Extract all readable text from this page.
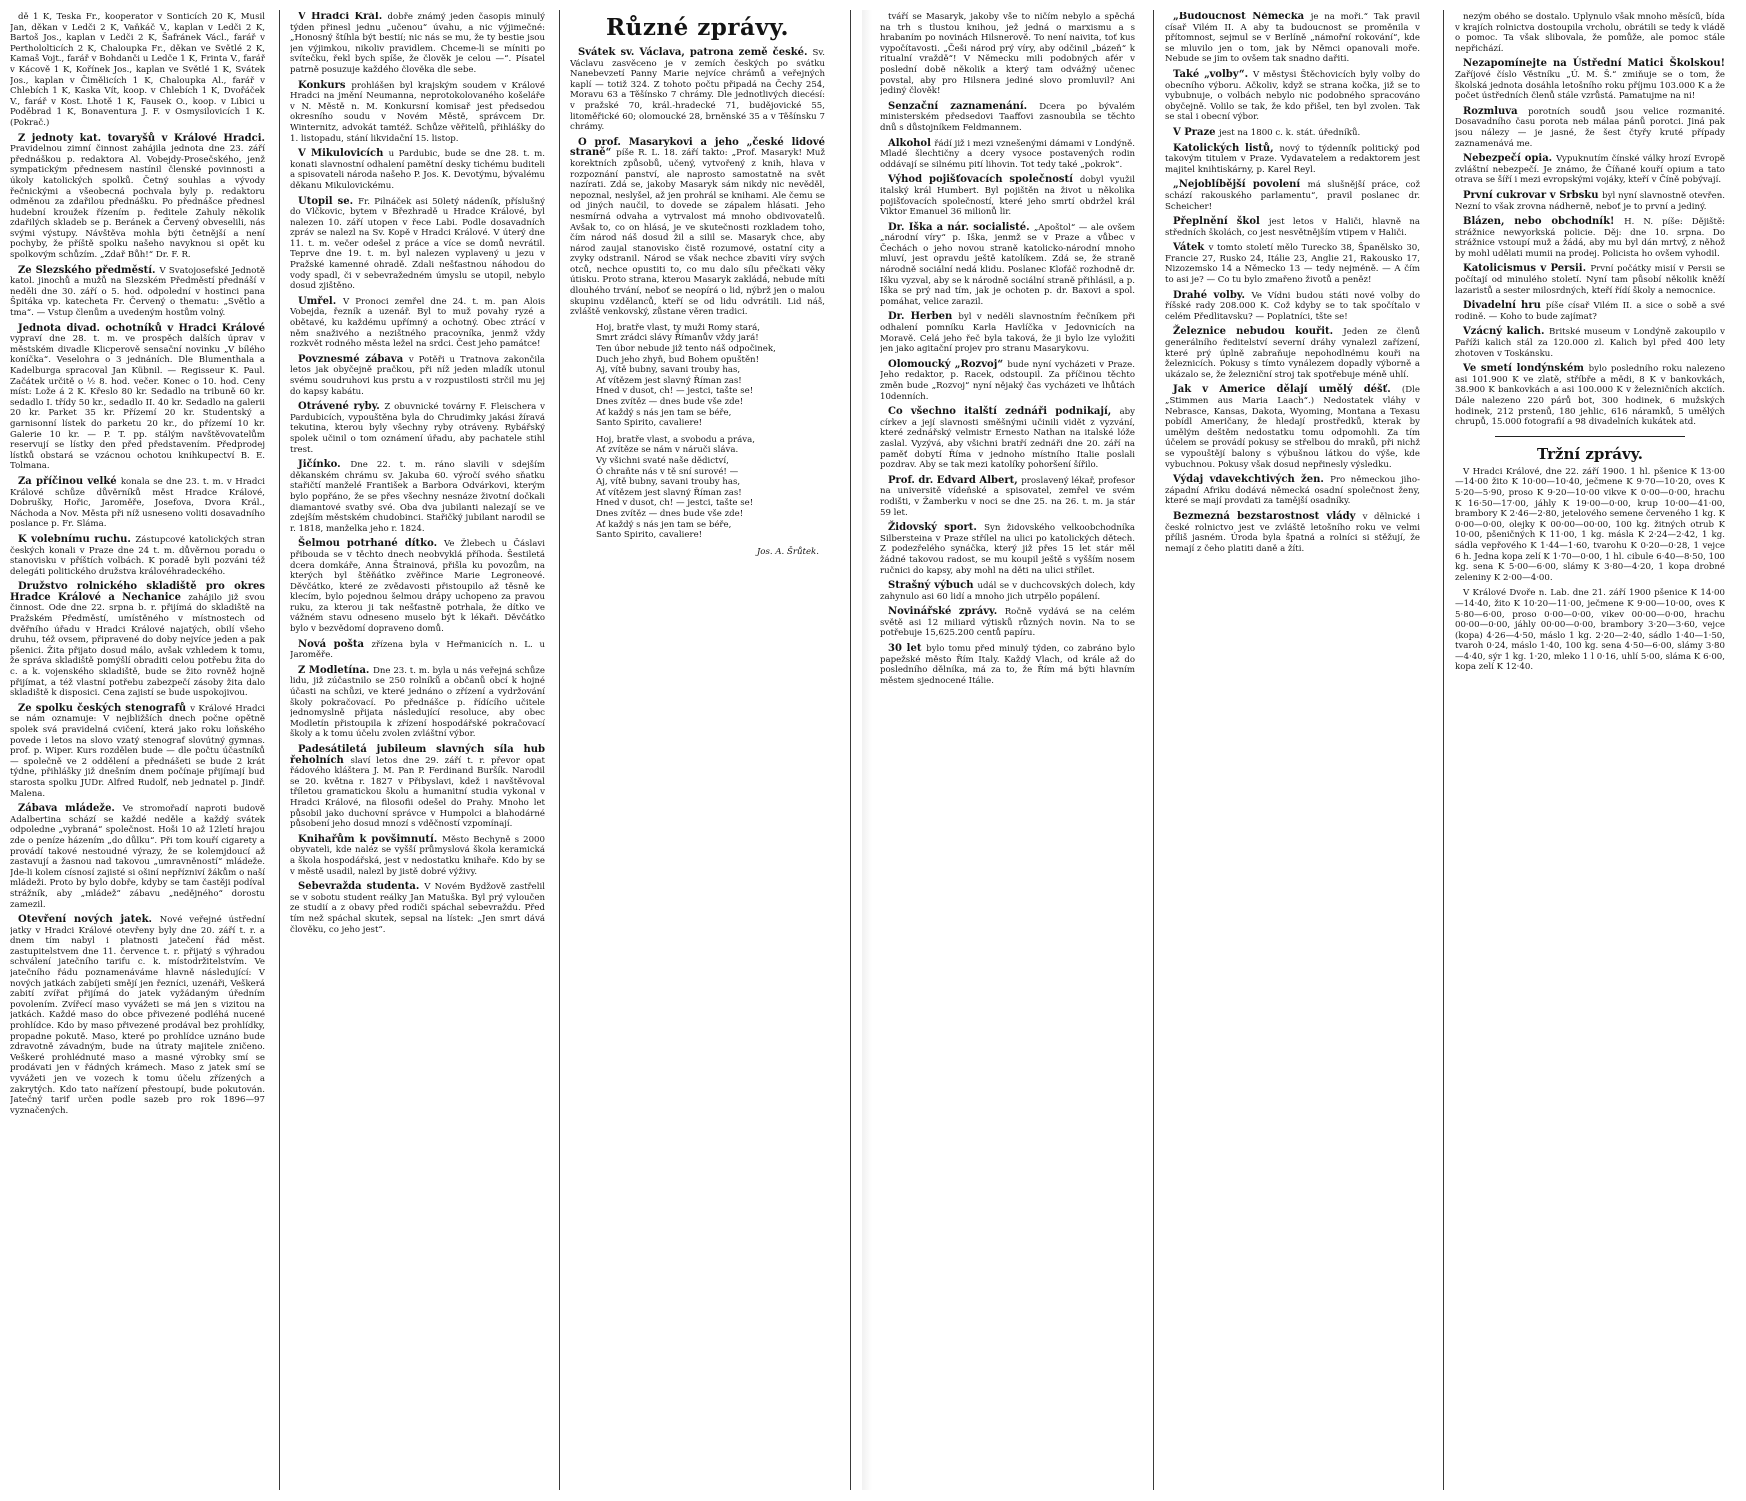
dě 1 K, Teska Fr., kooperator v Sonticích 20 K, Musil Jan, děkan v Ledči 2 K, Vaňkáč V., kaplan v Ledči 2 K, Bartoš Jos., kaplan v Ledči 2 K, Šafránek Václ., farář v Perthololticích 2 K, Chaloupka Fr., děkan ve Světlé 2 K, Kamaš Vojt., farář v Bohdanči u Ledče 1 K, Frinta V., farář v Kácově 1 K, Kořínek Jos., kaplan ve Světlé 1 K, Svátek Jos., kaplan v Čimělicích 1 K, Chaloupka Al., farář v Chlebích 1 K, Kaska Vít, koop. v Chlebích 1 K, Dvořáček V., farář v Kost. Lhotě 1 K, Fausek O., koop. v Libici u Poděbrad 1 K, Bonaventura J. F. v Osmysilovicích 1 K. (Pokrač.)
Z jednoty kat. tovaryšů v Králové Hradci. Pravidelnou zimní činnost zahájila jednota dne 23. září přednáškou p. redaktora Al. Vobejdy-Prosečského, jenž sympatickým přednesem nastínil členské povinnosti a úkoly katolických spolků. Četný souhlas a vývody řečnickými a všeobecná pochvala byly p. redaktoru odměnou za zdařilou přednášku. Po přednášce přednesl hudební kroužek řízením p. ředitele Zahuly několik zdařilých skladeb se p. Beránek a Červený obveselili, nás svými výstupy. Návštěva mohla býti četnější a není pochyby, že příště spolku našeho navyknou si opět ku spolkovým schůzím. „Zdař Bůh!“ Dr. F. R.
Ze Slezského předměstí. V Svatojosefské Jednotě katol. jinochů a mužů na Slezském Předměstí přednáší v neděli dne 30. září o 5. hod. odpolední v hostinci pana Špitáka vp. katecheta Fr. Červený o thematu: „Světlo a tma“. — Vstup členům a uvedeným hostům volný.
Jednota divad. ochotníků v Hradci Králové vypraví dne 28. t. m. ve prospěch dalších úprav v městském divadle Klicperově sensační novinku „V bílého koníčka“. Veselohra o 3 jednáních. Dle Blumenthala a Kadelburga spracoval Jan Kübnil. — Regisseur K. Paul. Začátek určitě o ½ 8. hod. večer. Konec o 10. hod. Ceny míst: Lože á 2 K. Křeslo 80 kr. Sedadlo na tribuně 60 kr. sedadlo I. třídy 50 kr., sedadlo II. 40 kr. Sedadlo na galerii 20 kr. Parket 35 kr. Přízemí 20 kr. Studentský a garnisonní lístek do parketu 20 kr., do přízemí 10 kr. Galerie 10 kr. — P. T. pp. stálým navštěvovatelům reservují se lístky den před představením. Předprodej lístků obstará se vzácnou ochotou knihkupectví B. E. Tolmana.
Za příčinou velké konala se dne 23. t. m. v Hradci Králové schůze důvěrníků měst Hradce Králové, Dobrušky, Hořic, Jaroměře, Josefova, Dvora Král., Náchoda a Nov. Města při níž usneseno voliti dosavadního poslance p. Fr. Sláma.
K volebnímu ruchu. Zástupcové katolických stran českých konali v Praze dne 24 t. m. důvěrnou poradu o stanovisku v příštích volbách. K poradě byli pozváni též delegáti politického družstva královéhradeckého.
Družstvo rolnického skladiště pro okres Hradce Králové a Nechanice zahájilo již svou činnost. Ode dne 22. srpna b. r. přijímá do skladiště na Pražském Předměstí, umístěného v místnostech od dvěřního úřadu v Hradci Králové najatých, obilí všeho druhu, též ovsem, připravené do doby nejvíce jeden a pak pšenici. Žita přijato dosud málo, avšak vzhledem k tomu, že správa skladiště pomýšlí obraditi celou potřebu žita do c. a k. vojenského skladiště, bude se žito rovněž hojně přijímat, a též vlastní potřebu zabezpečí zásoby žita dalo skladiště k disposici. Cena zajistí se bude uspokojivou.
Ze spolku českých stenografů v Králové Hradci se nám oznamuje: V nejbližších dnech počne opětně spolek svá pravidelná cvičení, která jako roku loňského povede i letos na slovo vzatý stenograf slovútný gymnas. prof. p. Wiper. Kurs rozdělen bude — dle počtu účastníků — společně ve 2 oddělení a přednášeti se bude 2 krát týdne, přihlášky již dnešním dnem počínaje přijímají bud starosta spolku JUDr. Alfred Rudolf, neb jednatel p. Jindř. Malena.
Zábava mládeže. Ve stromořadí naproti budově Adalbertina schází se každé neděle a každý svátek odpoledne „vybraná“ společnost. Hoši 10 až 12letí hrajou zde o peníze házením „do důlku“. Při tom kouří cigarety a provádí takové nestoudné výrazy, že se kolemjdoucí až zastavují a žasnou nad takovou „umravněností“ mládeže. Jde-li kolem císnosí zajisté si ošiní nepřízniví žákům o naší mládeži. Proto by bylo dobře, kdyby se tam častěji podíval strážník, aby „mládež“ zábavu „nedějného“ dorostu zamezil.
Otevření nových jatek. Nové veřejné ústřední jatky v Hradci Králové otevřeny byly dne 20. září t. r. a dnem tím nabyl i platnosti jatečení řád měst. zastupitelstvem dne 11. července t. r. přijatý s výhradou schválení jatečního tarifu c. k. místodržitelstvím. Ve jatečního řádu poznamenáváme hlavně následující: V nových jatkách zabíjeti smějí jen řezníci, uzenáři, Veškerá zabití zvířat přijímá do jatek vyžádaným úředním povolením. Zvířecí maso vyvážeti se má jen s vizitou na jatkách. Každé maso do obce přivezené podléhá nucené prohlídce. Kdo by maso přivezené prodával bez prohlídky, propadne pokutě. Maso, které po prohlídce uznáno bude zdravotně závadným, bude na útraty majitele zničeno. Veškeré prohlédnuté maso a masné výrobky smí se prodávati jen v řádných krámech. Maso z jatek smí se vyvážeti jen ve vozech k tomu účelu zřízených a zakrytých. Kdo tato nařízení přestoupí, bude pokutován. Jatečný tarif určen podle sazeb pro rok 1896—97 vyznačených.
V Hradci Král. dobře známý jeden časopis minulý týden přinesl jednu „učenou“ úvahu, a nic výjimečné: „Honosný štíhla být bestií; nic nás se mu, že ty bestie jsou jen výjimkou, nikoliv pravidlem. Chceme-li se míniti po svítečku, řekl bych spíše, že člověk je celou —“. Písatel patrně posuzuje každého člověka dle sebe.
Konkurs prohlášen byl krajským soudem v Králové Hradci na jmění Neumanna, neprotokolovaného košeláře v N. Městě n. M. Konkursní komisař jest předsedou okresního soudu v Novém Městě, správcem Dr. Winternitz, advokát tamtéž. Schůze věřitelů, přihlášky do 1. listopadu, stání likvidační 15. listop.
V Mikulovicích u Pardubic, bude se dne 28. t. m. konati slavnostní odhalení pamětní desky tichému buditeli a spisovateli národa našeho P. Jos. K. Devotýmu, bývalému děkanu Mikulovickému.
Utopil se. Fr. Pilnáček asi 50letý nádeník, příslušný do Vlčkovic, bytem v Březhradě u Hradce Králové, byl nalezen 10. září utopen v řece Labi. Podle dosavadních zpráv se nalezl na Sv. Kopě v Hradci Králové. V úterý dne 11. t. m. večer odešel z práce a více se domů nevrátil. Teprve dne 19. t. m. byl nalezen vyplavený u jezu v Pražské kamenné ohradě. Zdali nešťastnou náhodou do vody spadl, či v sebevražedném úmyslu se utopil, nebylo dosud zjištěno.
Umřel. V Pronoci zemřel dne 24. t. m. pan Alois Vobejda, řezník a uzenář. Byl to muž povahy ryzé a obětavé, ku každému upřímný a ochotný. Obec ztrácí v něm snaživého a nezištného pracovníka, jenmž vždy rozkvět rodného města ležel na srdci. Čest jeho památce!
Povznesmé zábava v Potěři u Tratnova zakončila letos jak obyčejně pračkou, při níž jeden mladík utonul svému soudruhovi kus prstu a v rozpustilosti strčil mu jej do kapsy kabátu.
Otrávené ryby. Z obuvnické továrny F. Fleischera v Pardubicích, vypouštěna byla do Chrudimky jakási žíravá tekutina, kterou byly všechny ryby otráveny. Rybářský spolek učinil o tom oznámení úřadu, aby pachatele stihl trest.
Jičínko. Dne 22. t. m. ráno slavili v sdejším děkanském chrámu sv. Jakuba 60. výročí svého sňatku stařičtí manželé František a Barbora Odvárkovi, kterým bylo popřáno, že se přes všechny nesnáze životní dočkali diamantové svatby své. Oba dva jubilanti nalezají se ve zdejším městském chudobinci. Stařičký jubilant narodil se r. 1818, manželka jeho r. 1824.
Šelmou potrhané dítko. Ve Žlebech u Čáslavi přibouda se v těchto dnech neobvyklá příhoda. Šestiletá dcera domkáře, Anna Štrainová, přišla ku povozům, na kterých byl štěňátko zvěřince Marie Legroneové. Děvčátko, které ze zvědavosti přistoupilo až těsně ke klecím, bylo pojednou šelmou drápy uchopeno za pravou ruku, za kterou ji tak nešťastně potrhala, že dítko ve vážném stavu odneseno muselo být k lékaři. Děvčátko bylo v bezvědomí dopraveno domů.
Nová pošta zřízena byla v Heřmanicích n. L. u Jaroměře.
Z Modletína. Dne 23. t. m. byla u nás veřejná schůze lidu, již zúčastnilo se 250 rolníků a občanů obcí k hojné účasti na schůzi, ve které jednáno o zřízení a vydržování školy pokračovací. Po přednášce p. řídícího učitele jednomyslně přijata následující resoluce, aby obec Modletín přistoupila k zřízení hospodářské pokračovací školy a k tomu účelu zvolen zvláštní výbor.
Padesátiletá jubileum slavných síla hub řeholních slaví letos dne 29. září t. r. převor opat řádového kláštera J. M. Pan P. Ferdinand Buršík. Narodil se 20. května r. 1827 v Přibyslavi, kdež i navštěvoval tříletou gramatickou školu a humanitní studia vykonal v Hradci Králové, na filosofii odešel do Prahy. Mnoho let působil jako duchovní správce v Humpolci a blahodárné působení jeho dosud mnozí s vděčností vzpomínají.
Knihařům k povšimnutí. Město Bechyně s 2000 obyvateli, kde naléz se vyšší průmyslová škola keramická a škola hospodářská, jest v nedostatku knihaře. Kdo by se v městě usadil, nalezl by jistě dobré výživy.
Sebevražda studenta. V Novém Bydžově zastřelil se v sobotu student reálky Jan Matuška. Byl prý vyloučen ze studií a z obavy před rodiči spáchal sebevraždu. Před tím než spáchal skutek, sepsal na lístek: „Jen smrt dává člověku, co jeho jest“.
Různé zprávy.
Svátek sv. Václava, patrona země české. Sv. Václavu zasvěceno je v zemích českých po svátku Nanebevzetí Panny Marie nejvíce chrámů a veřejných kaplí — totiž 324. Z tohoto počtu připadá na Čechy 254, Moravu 63 a Těšínsko 7 chrámy. Dle jednotlivých diecésí: v pražské 70, král.-hradecké 71, budějovické 55, litoměřické 60; olomoucké 28, brněnské 35 a v Těšínsku 7 chrámy.
O prof. Masarykovi a jeho „české lidové straně“ píše R. L. 18. září takto: „Prof. Masaryk! Muž korektních způsobů, učený, vytvořený z knih, hlava v rozpoznání panství, ale naprosto samostatně na svět nazírati. Zdá se, jakoby Masaryk sám nikdy nic nevěděl, nepoznal, neslyšel, až jen prohrál se knihami. Ale čemu se od jiných naučil, to dovede se zápalem hlásati. Jeho nesmírná odvaha a vytrvalost má mnoho obdivovatelů. Avšak to, co on hlásá, je ve skutečnosti rozkladem toho, čím národ náš dosud žil a silil se. Masaryk chce, aby národ zaujal stanovisko čistě rozumové, ostatní city a zvyky odstranil. Národ se však nechce zbaviti víry svých otců, nechce opustiti to, co mu dalo sílu přečkati věky útisku. Proto strana, kterou Masaryk zakládá, nebude míti dlouhého trvání, neboť se neopírá o lid, nýbrž jen o malou skupinu vzdělanců, kteří se od lidu odvrátili. Lid náš, zvláště venkovský, zůstane věren tradici.
Hoj, bratře vlast, ty muži Romy stará,
Smrt zrádci slávy Římanův vždy jará!
Ten úbor nebude již tento náš odpočinek,
Duch jeho zhyň, bud Bohem opuštěn!
Aj, vítě bubny, savani trouby has,
Ať vítězem jest slavný Říman zas!
Hned v dusot, ch! — jestci, tašte se!
Dnes zvítěz — dnes bude vše zde!
Ať každý s nás jen tam se béře,
Santo Spirito, cavaliere!
Hoj, bratře vlast, a svobodu a práva,
Ať zvítěze se nám v náruči sláva.
Vy všichni svaté naše dědictví,
Ó chraňte nás v tě sní surové! —
Aj, vítě bubny, savani trouby has,
Ať vítězem jest slavný Říman zas!
Hned v dusot, ch! — jestci, tašte se!
Dnes zvítěz — dnes bude vše zde!
Ať každý s nás jen tam se béře,
Santo Spirito, cavaliere!
Jos. A. Šrůtek.
tváří se Masaryk, jakoby vše to ničím nebylo a spěchá na trh s tlustou knihou, jež jedná o marxismu a s hrabaním po novinách Hilsnerově. To není naivita, toť kus vypočítavosti. „Češi národ prý víry, aby odčinil „bázeň“ k ritualní vraždě“! V Německu mili podobných afér v poslední době několik a který tam odvážný učenec povstal, aby pro Hilsnera jediné slovo promluvil? Ani jediný člověk!
Senzační zaznamenání. Dcera po bývalém ministerském předsedovi Taaffovi zasnoubila se těchto dnů s důstojníkem Feldmannem.
Alkohol řádí již i mezi vznešenými dámami v Londýně. Mladé šlechtičny a dcery vysoce postavených rodin oddávají se silnému pití lihovin. Tot tedy také „pokrok“.
Výhod pojišťovacích společností dobyl využil italský král Humbert. Byl pojištěn na život u několika pojišťovacích společností, které jeho smrtí obdržel král Viktor Emanuel 36 milionů lir.
Dr. Iška a nár. socialisté. „Apoštol“ — ale ovšem „národní víry“ p. Iška, jenmž se v Praze a vůbec v Čechách o jeho novou straně katolicko-národní mnoho mluví, jest opravdu ještě katolíkem. Zdá se, že straně národně sociální nedá klidu. Poslanec Klofáč rozhodně dr. Išku vyzval, aby se k národně sociální straně přihlásil, a p. Iška se prý nad tím, jak je ochoten p. dr. Baxovi a spol. pomáhat, velice zarazil.
Dr. Herben byl v neděli slavnostním řečníkem při odhalení pomníku Karla Havlíčka v Jedovnicích na Moravě. Celá jeho řeč byla taková, že ji bylo lze vyložiti jen jako agitační projev pro stranu Masarykovu.
Olomoucký „Rozvoj“ bude nyní vycházeti v Praze. Jeho redaktor, p. Racek, odstoupil. Za příčinou těchto změn bude „Rozvoj“ nyní nějaký čas vycházeti ve lhůtách 10denních.
Co všechno italští zednáři podnikají, aby církev a její slavnosti směšnými učinili vidět z vyzvání, které zednářský velmistr Ernesto Nathan na italské lóže zaslal. Vyzývá, aby všichni bratří zednáři dne 20. září na paměť dobytí Říma v jednoho místního Italie poslali pozdrav. Aby se tak mezi katolíky pohoršení šířilo.
Prof. dr. Edvard Albert, proslavený lékař, profesor na universitě vídeňské a spisovatel, zemřel ve svém rodišti, v Žamberku v noci se dne 25. na 26. t. m. ja stár 59 let.
Židovský sport. Syn židovského velkoobchodníka Silbersteina v Praze střílel na ulici po katolických dětech. Z podezřelého synáčka, který již přes 15 let stár měl žádné takovou radost, se mu koupil ještě s vyšším nosem ručnici do kapsy, aby mohl na děti na ulici střílet.
Strašný výbuch udál se v duchcovských dolech, kdy zahynulo asi 60 lidí a mnoho jich utrpělo popálení.
Novinářské zprávy. Ročně vydává se na celém světě asi 12 miliard výtisků různých novin. Na to se potřebuje 15,625.200 centů papíru.
30 let bylo tomu před minulý týden, co zabráno bylo papežské město Řím Italy. Každý Vlach, od krále až do posledního dělníka, má za to, že Řím má býti hlavním městem sjednocené Itálie.
„Budoucnost Německa je na moři.“ Tak pravil císař Vilém II. A aby ta budoucnost se proměnila v přítomnost, sejmul se v Berlíně „námořní rokování“, kde se mluvilo jen o tom, jak by Němci opanovali moře. Nebude se jim to ovšem tak snadno dařiti.
Také „volby“. V městysi Štěchovicích byly volby do obecního výboru. Ačkoliv, když se strana kočka, již se to vybubnuje, o volbách nebylo nic podobného spracováno obyčejně. Volilo se tak, že kdo přišel, ten byl zvolen. Tak se stal i obecní výbor.
V Praze jest na 1800 c. k. stát. úředníků.
Katolických listů, nový to týdenník politický pod takovým titulem v Praze. Vydavatelem a redaktorem jest majitel knihtiskárny, p. Karel Reyl.
„Nejoblíbější povolení má slušnější práce, což schází rakouského parlamentu“, pravil poslanec dr. Scheicher!
Přeplnění škol jest letos v Haliči, hlavně na středních školách, co jest nesvětnějším vtipem v Haliči.
Vátek v tomto století mělo Turecko 38, Španělsko 30, Francie 27, Rusko 24, Itálie 23, Anglie 21, Rakousko 17, Nizozemsko 14 a Německo 13 — tedy nejméně. — A čím to asi je? — Co tu bylo zmařeno životů a peněz!
Drahé volby. Ve Vídni budou státi nové volby do říšské rady 208.000 K. Což kdyby se to tak spočítalo v celém Předlitavsku? — Poplatníci, tšte se!
Železnice nebudou kouřit. Jeden ze členů generálního ředitelství severní dráhy vynalezl zařízení, které prý úplně zabraňuje nepohodlnému kouři na železnicích. Pokusy s tímto vynálezem dopadly výborně a ukázalo se, že železniční stroj tak spotřebuje méně uhlí.
Jak v Americe dělají umělý déšť. (Dle „Stimmen aus Maria Laach“.) Nedostatek vláhy v Nebrasce, Kansas, Dakota, Wyoming, Montana a Texasu pobídl Američany, že hledají prostředků, kterak by umělým deštěm nedostatku tomu odpomohli. Za tím účelem se provádí pokusy se střelbou do mraků, při nichž se vypouštějí balony s výbušnou látkou do výše, kde vybuchnou. Pokusy však dosud nepřinesly výsledku.
Výdaj vdavekchtivých žen. Pro německou jiho-západní Afriku dodává německá osadní společnost ženy, které se mají provdati za tamější osadníky.
Bezmezná bezstarostnost vlády v dělnické i české rolnictvo jest ve zvláště letošního roku ve velmi příliš jasném. Úroda byla špatná a rolníci si stěžují, že nemají z čeho platiti daně a žíti.
nezým obého se dostalo. Uplynulo však mnoho měsíců, bída v krajích rolnictva dostoupila vrcholu, obrátili se tedy k vládě o pomoc. Ta však slibovala, že pomůže, ale pomoc stále nepřichází.
Nezapomínejte na Ústřední Matici Školskou! Zaříjové číslo Věstníku „Ú. M. Š.“ zmiňuje se o tom, že školská jednota dosáhla letošního roku příjmu 103.000 K a že počet ústředních členů stále vzrůstá. Pamatujme na ni!
Rozmluva porotních soudů jsou velice rozmanité. Dosavadního času porota neb málaa pánů porotci. Jiná pak jsou nálezy — je jasné, že šest čtyřy kruté případy zaznamenává me.
Nebezpečí opia. Vypuknutím čínské války hrozí Evropě zvláštní nebezpečí. Je známo, že Číňané kouří opium a tato otrava se šíří i mezi evropskými vojáky, kteří v Číně pobývají.
První cukrovar v Srbsku byl nyní slavnostně otevřen. Nezní to však zrovna nádherně, neboť je to první a jediný.
Blázen, nebo obchodník! H. N. píše: Dějiště: strážnice newyorkská policie. Děj: dne 10. srpna. Do strážnice vstoupí muž a žádá, aby mu byl dán mrtvý, z něhož by mohl udělati mumii na prodej. Policista ho ovšem vyhodil.
Katolicismus v Persii. První počátky misií v Persii se počítají od minulého století. Nyní tam působí několik kněží lazaristů a sester milosrdných, kteří řídí školy a nemocnice.
Divadelní hru píše císař Vilém II. a sice o sobě a své rodině. — Koho to bude zajímat?
Vzácný kalich. Britské museum v Londýně zakoupilo v Paříži kalich stál za 120.000 zl. Kalich byl před 400 lety zhotoven v Toskánsku.
Ve smetí londýnském bylo posledního roku nalezeno asi 101.900 K ve zlatě, stříbře a mědi, 8 K v bankovkách, 38.900 K bankovkách a asi 100.000 K v železničních akciích. Dále nalezeno 220 párů bot, 300 hodinek, 6 mužských hodinek, 212 prstenů, 180 jehlic, 616 náramků, 5 umělých chrupů, 15.000 fotografií a 98 divadelních kukátek atd.
Tržní zprávy.
V Hradci Králové, dne 22. září 1900. 1 hl. pšenice K 13·00—14·00 žito K 10·00—10·40, ječmene K 9·70—10·20, oves K 5·20—5·90, proso K 9·20—10·00 vikve K 0·00—0·00, hrachu K 16·50—17·00, jáhly K 19·00—0·00, krup 10·00—41·00, brambory K 2·46—2·80, jetelového semene červeného 1 kg. K 0·00—0·00, olejky K 00·00—00·00, 100 kg. žitných otrub K 10·00, pšeničných K 11·00, 1 kg. másla K 2·24—2·42, 1 kg. sádla vepřového K 1·44—1·60, tvarohu K 0·20—0·28, 1 vejce 6 h. Jedna kopa zelí K 1·70—0·00, 1 hl. cibule 6·40—8·50, 100 kg. sena K 5·00—6·00, slámy K 3·80—4·20, 1 kopa drobné zeleniny K 2·00—4·00.
V Králové Dvoře n. Lab. dne 21. září 1900 pšenice K 14·00—14·40, žito K 10·20—11·00, ječmene K 9·00—10·00, oves K 5·80—6·00, proso 0·00—0·00, vikev 00·00—0·00, hrachu 00·00—0·00, jáhly 00·00—0·00, brambory 3·20—3·60, vejce (kopa) 4·26—4·50, máslo 1 kg. 2·20—2·40, sádlo 1·40—1·50, tvaroh 0·24, máslo 1·40, 100 kg. sena 4·50—6·00, slámy 3·80—4·40, sýr 1 kg. 1·20, mleko 1 l 0·16, uhlí 5·00, sláma K 6·00, kopa zelí K 12·40.
